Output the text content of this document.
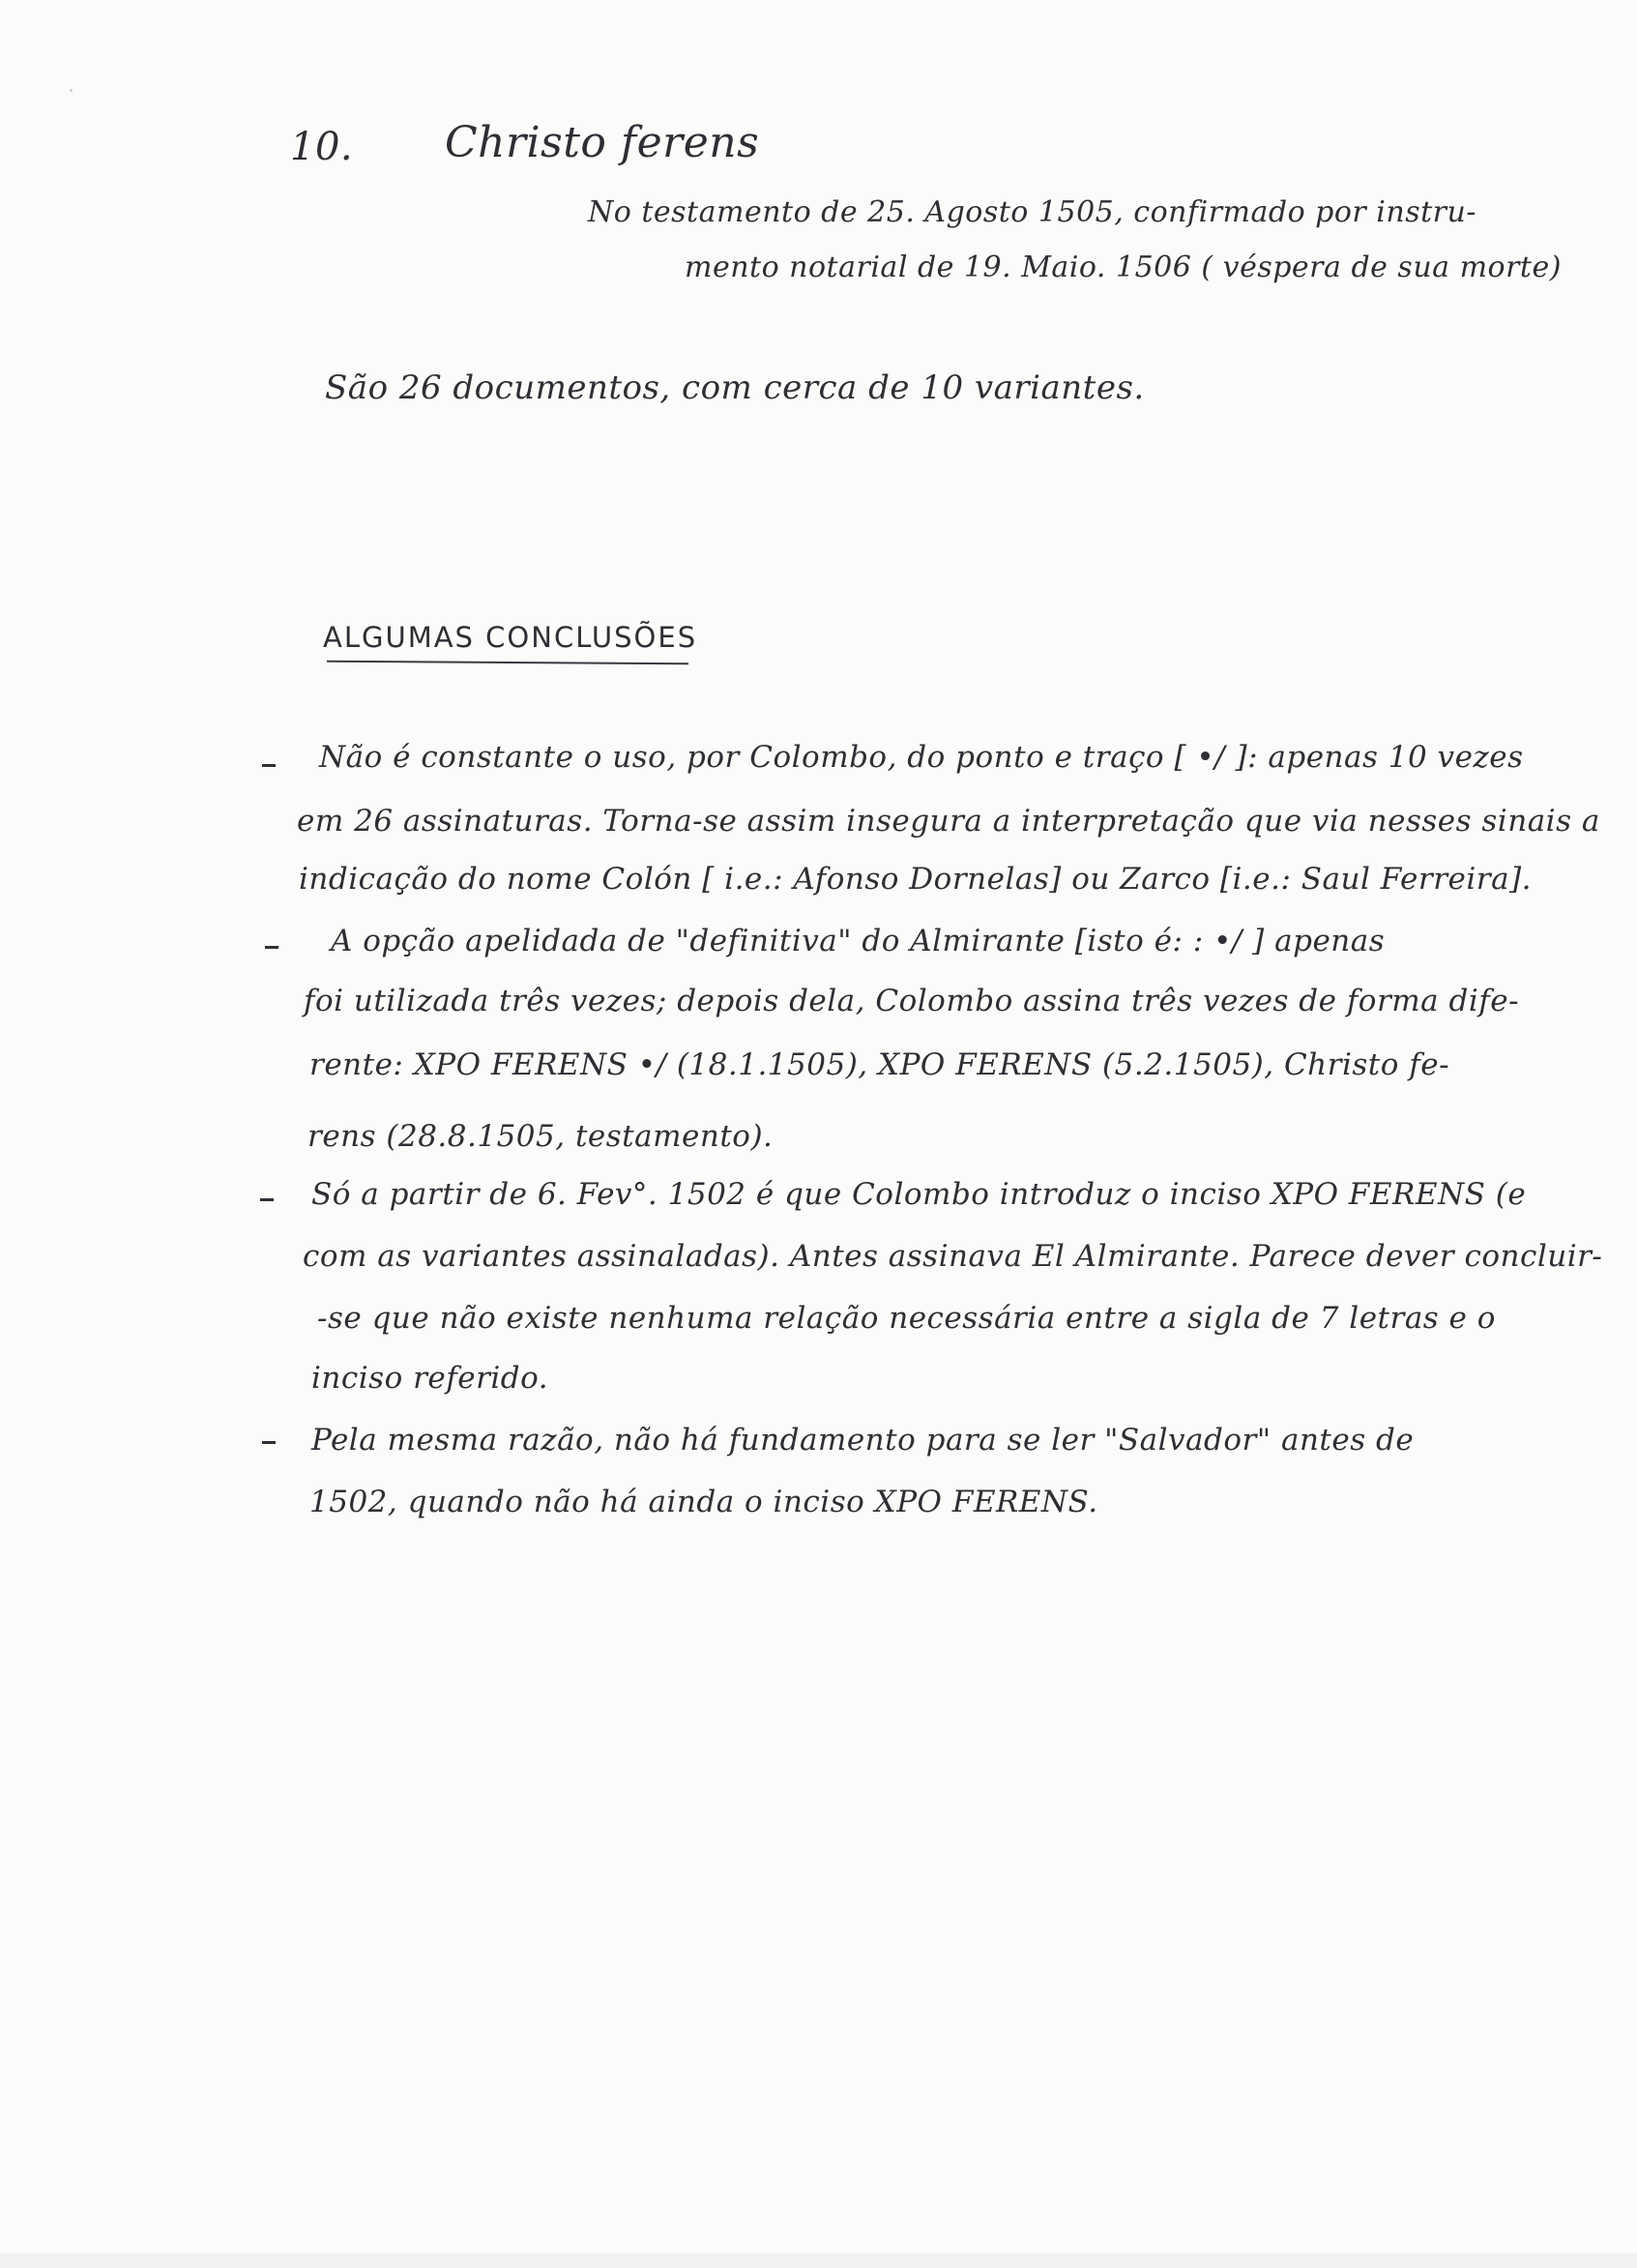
10. Christo ferens
No testamento de 25. Agosto 1505, confirmado por instru-
mento notarial de 19. Maio. 1506 ( véspera de sua morte)
São 26 documentos, com cerca de 10 variantes.
ALGUMAS CONCLUSÕES
Não é constante o uso, por Colombo, do ponto e traço [ •/ ]: apenas 10 vezes
em 26 assinaturas. Torna-se assim insegura a interpretação que via nesses sinais a
indicação do nome Colón [ i.e.: Afonso Dornelas] ou Zarco [i.e.: Saul Ferreira].
A opção apelidada de "definitiva" do Almirante [isto é: : •/ ] apenas
foi utilizada três vezes; depois dela, Colombo assina três vezes de forma dife-
rente: XPO FERENS •/ (18.1.1505), XPO FERENS (5.2.1505), Christo fe-
rens (28.8.1505, testamento).
Só a partir de 6. Fev°. 1502 é que Colombo introduz o inciso XPO FERENS (e
com as variantes assinaladas). Antes assinava El Almirante. Parece dever concluir-
-se que não existe nenhuma relação necessária entre a sigla de 7 letras e o
inciso referido.
Pela mesma razão, não há fundamento para se ler "Salvador" antes de
1502, quando não há ainda o inciso XPO FERENS.
